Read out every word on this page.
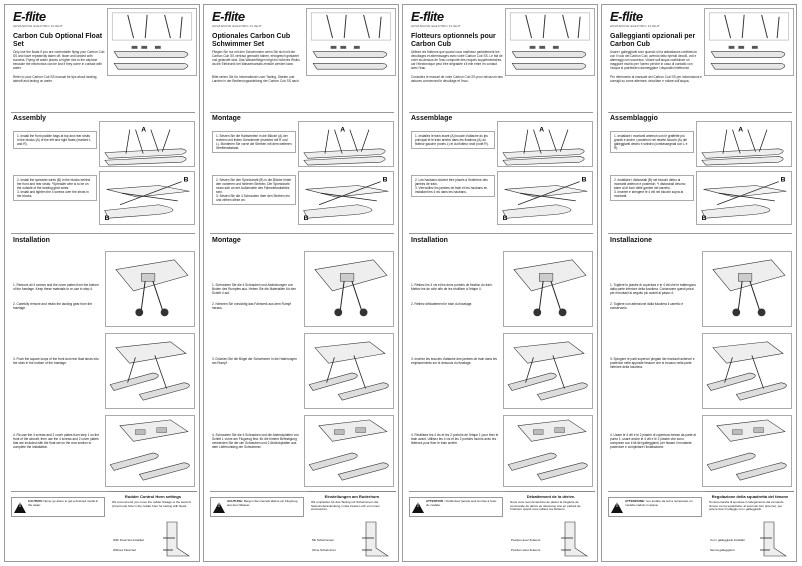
E-flite
ADVANCING ELECTRIC FLIGHT
Carbon Cub Optional Float Set
Only use the floats if you are comfortable flying your Carbon Cub SS and have repeatedly taken off, flown and landed with success. Flying off water places a higher risk to the airplane because the electronics can be lost if they come in contact with water.
Refer to your Carbon Cub SS manual for tips about landing, takeoff and taxiing on water.
Assembly
1. Install the front paddle bags at top and rear struts in the blocks (A) of the left and right floats (marked L and R).
A
2. Install the spreader wires (B) in the blocks behind the front and rear struts. *Spreader wire is to be on the outside of the landing gear wires.
3. Install and tighten the 4 screws over the struts in the blocks.
B
B
Installation
1. Remove all 4 screws and the cover plates from the bottom of the fuselage. Keep these materials to re-use in step 4.
2. Carefully remove and retain the landing gear from the fuselage.
3. Push the square loops of the front and rear float struts into the slots in the bottom of the fuselage.
4. Re-use the 4 screws and 2 cover plates from step 1 on the front of the aircraft, then use the 4 screws and 2 cover plates that are included with the float set on the rear section to complete the installation.
!
CAUTION: Never go alone to get a downed model in the water.
Rudder Control Horn settings
We recommend you move the rudder linkage to the second (innermost) hole in the rudder horn for taxiing with floats.
With Float Set Installed
Without Float Set
E-flite
ADVANCING ELECTRIC FLIGHT
Optionales Carbon Cub Schwimmer Set
Fliegen Sie nur mit den Schwimmern wenn Sie sich mit der Carbon Cub SS vertraut gemacht haben, erfolgreich gestartet und gelandet sind. Das Wasserfliegen birgt ein höheres Risiko da die Elektronik bei Wasserkontakt zerstört werden kann.
Bitte sehen Sie für Informationen zum Taxiing, Starten und Landen in der Bedienungsanleitung der Carbon Cub SS nach.
Montage
1. Setzen Sie die Halbstreben in die Blöcke (A) der rechten und linken Schwimmer (markiert mit R und L). Montieren Sie vorne die Streben mit dem weiteren Streifenabstand.
A
2. Setzen Sie den Spreizdraht (B) in die Blöcke hinter den vorderen und hinteren Streben. Der Spreizdraht muss sich an der Außenseite des Fahrwerksdrahtes sein.
3. Setzen Sie die 4 Schrauben über den Streben ein und ziehen diese an.
B
B
Montage
1. Schrauben Sie die 4 Schrauben und Abdeckungen von Boden des Rumpfes aus. Heben Sie die Materialien für den Schritt 4 auf.
2. Nehmen Sie vorsichtig das Fahrwerk aus dem Rumpf heraus.
3. Drücken Sie die Bügel der Schwimmer in die Halterungen am Rumpf.
4. Schrauben Sie die 4 Schrauben und die Abdeckplatten von Schritt 1 vorne am Flugzeug fest. für die hintere Befestigung verwenden Sie die vier Schrauben und 2 Abdeckplatten aus dem Lieferumfang der Schwimmer.
!
ACHTUNG: Bergen Sie niemals alleine ein Flugzeug aus dem Wasser.
Einstellungen am Ruderhorn
Wir empfehlen für das Taxiing mit Schwimmern die Seitenruderanlenkung in das zweite Loch von innen einzusetzen.
Mit Schwimmern
Ohne Schwimmer
E-flite
ADVANCING ELECTRIC FLIGHT
Flotteurs optionnels pour Carbon Cub
Utilisez les flotteurs que quand vous maîtrisez parfaitement les décollages et atterrissages avec votre Carbon Cub SS. Le fait de voler au-dessus de l'eau comporte des risques supplémentaires, car l'électronique peut être dégradée s'il elle entre en contact avec l'eau.
Consultez le manuel de votre Carbon Cub SS pour découvrir des astuces concernant le décollage et l'eau.
Assemblage
1. Installez le train avant (A) boucle d'attache du jeu principal et le train arrière dans les fixations (A) du flotteur gauche (notés L) et du flotteur droit (noté R).
A
2. Les haubans doivent être placés à l'extérieur des jambes de train.
3. Vérrouillez les jambes de train et les haubans en installant les 4 vis dans les haubans.
B
B
Installation
1. Retirez les 4 vis et les deux portoirs de fixation du train. Mettez les de côté afin de les réutiliser à l'étape 4.
2. Retirez délicatement le train du fuselage.
3. Insérez les boucles d'attache des jambes de train dans les emplacements sur le dessous du fuselage.
4. Réutilisez les 4 vis et les 2 portoirs de l'étape 1 pour fixer le train avant. Utilisez les 4 vis et les 2 portoirs fournis avec les flotteurs pour fixer le train arrière.
!
ATTENTION : N'effectuez jamais seul la mise à l'eau du modèle.
Débattement de la dérive.
Nous vous recommandons de placer la tringlerie de commande de dérive au deuxième trou en partant de l'intérieur quand vous utilisez les flotteurs.
Position avec flotteurs
Position sans flotteurs
E-flite
ADVANCING ELECTRIC FLIGHT
Galleggianti opzionali per Carbon Cub
Usare i galleggianti solo quando si ha abbastanza confidenza con il volo del Carbon Cub, avendo fatto ripetuti decolli, voli e atterraggi con successo. Volare sull'acqua costituisce un maggiore rischio per l'aereo perché in caso di contatto con l'acqua si potrebbero danneggiare i dispositivi elettronici.
Per riferimento al manuale del Carbon Cub SS per informazioni e consigli su come atterrare, decollare e rullare sull'acqua.
Assemblaggio
1. Installare i montanti anteriori con le graffette più grandi e anche i posteriori nei relativi blocchi (A) dei galleggianti destro e sinistro (contrassegnati con L e R).
A
2. Installare i distanziali (B) nei blocchi dietro ai montanti anteriori e posteriori. *I distanziali devono stare al di fuori delle gambe del carrello.
3. Inserire e stringere le 4 viti nei blocchi sopra ai montanti.
B
B
Installazione
1. Togliere le piastre di copertura e le 4 viti che le trattengono dalla parte inferiore della fusoliera. Conservare questi pezzi per rimontarli al seguito più avanti al passo 4.
2. Togliere con attenzione dalla fusoliera il carrello e conservarlo.
3. Spingere le parti superiori piegate dei montanti anteriori e posteriori nelle apposite fessure che si trovano nella parte inferiore della fusoliera.
4. Usare le 4 viti e le 2 piastre di copertura messe da parte al punto 1, usare anche le 4 viti e le 2 piastre che sono comprese con il kit dei galleggianti, per fissare il montante posteriore e completare l'installazione.
!
ATTENZIONE: non andare da soli a recuperare un modello caduto in acqua.
Regolazione della squadretta del timone
Si raccomanda di spostare il collegamento del comando timone con la squadretta, al secondo foro (interno), per potere fare il rullaggio con i galleggianti.
Con i galleggianti installati
Senza galleggianti
